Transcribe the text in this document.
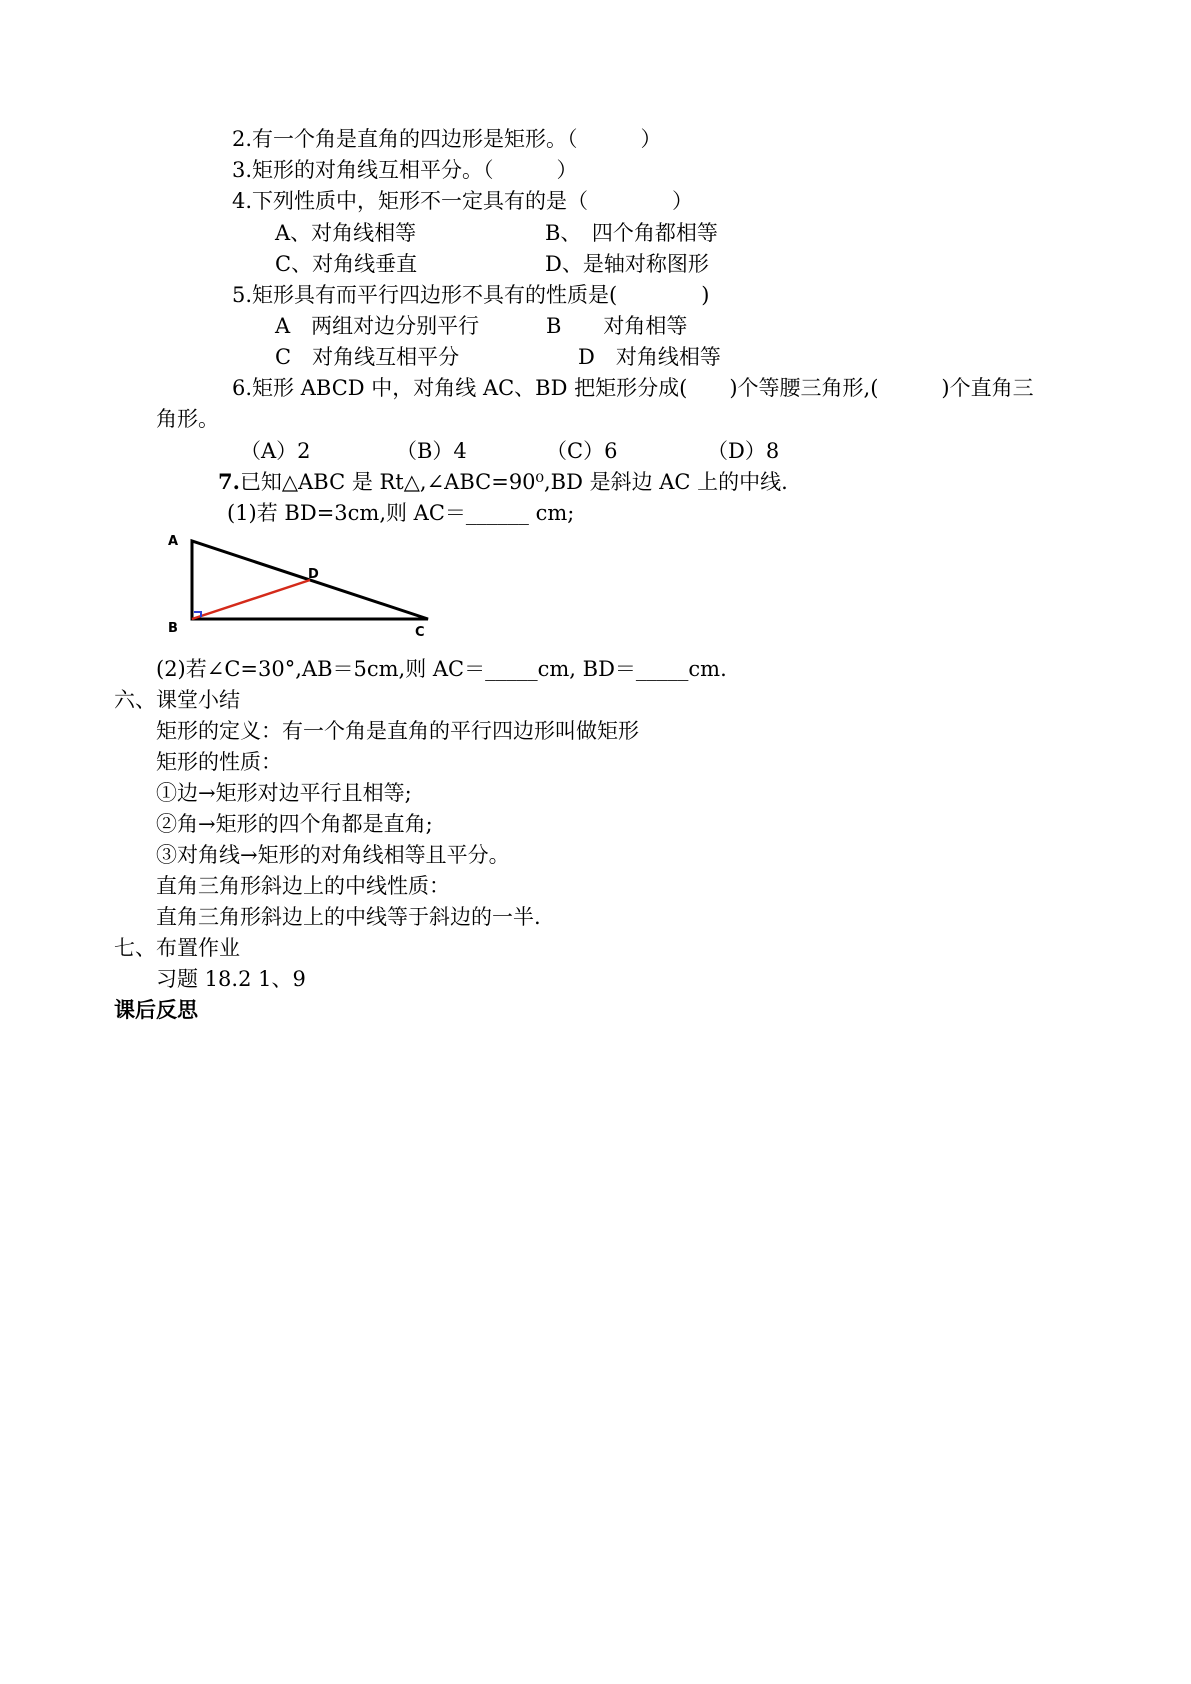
2.有一个角是直角的四边形是矩形。（　　　）
3.矩形的对角线互相平分。（　　　）
4.下列性质中，矩形不一定具有的是（　　　　）
A、对角线相等	B、　四个角都相等
C、对角线垂直	D、是轴对称图形
5.矩形具有而平行四边形不具有的性质是(　　　　)
A　两组对边分别平行	B　　对角相等
C　对角线互相平分	D　对角线相等
6.矩形 ABCD 中，对角线 AC、BD 把矩形分成(　　)个等腰三角形,(　　　)个直角三
角形。
（A）2	（B）4	（C）6	（D）8
7.已知△ABC 是 Rt△,∠ABC=90⁰,BD 是斜边 AC 上的中线.
(1)若 BD=3cm,则 AC＝______ cm;
A
B	C
D
(2)若∠C=30°,AB＝5cm,则 AC＝_____cm, BD＝_____cm.
六、课堂小结
矩形的定义：有一个角是直角的平行四边形叫做矩形
矩形的性质：
①边→矩形对边平行且相等;
②角→矩形的四个角都是直角;
③对角线→矩形的对角线相等且平分。
直角三角形斜边上的中线性质：
直角三角形斜边上的中线等于斜边的一半.
七、布置作业
习题 18.2 1、9
课后反思
